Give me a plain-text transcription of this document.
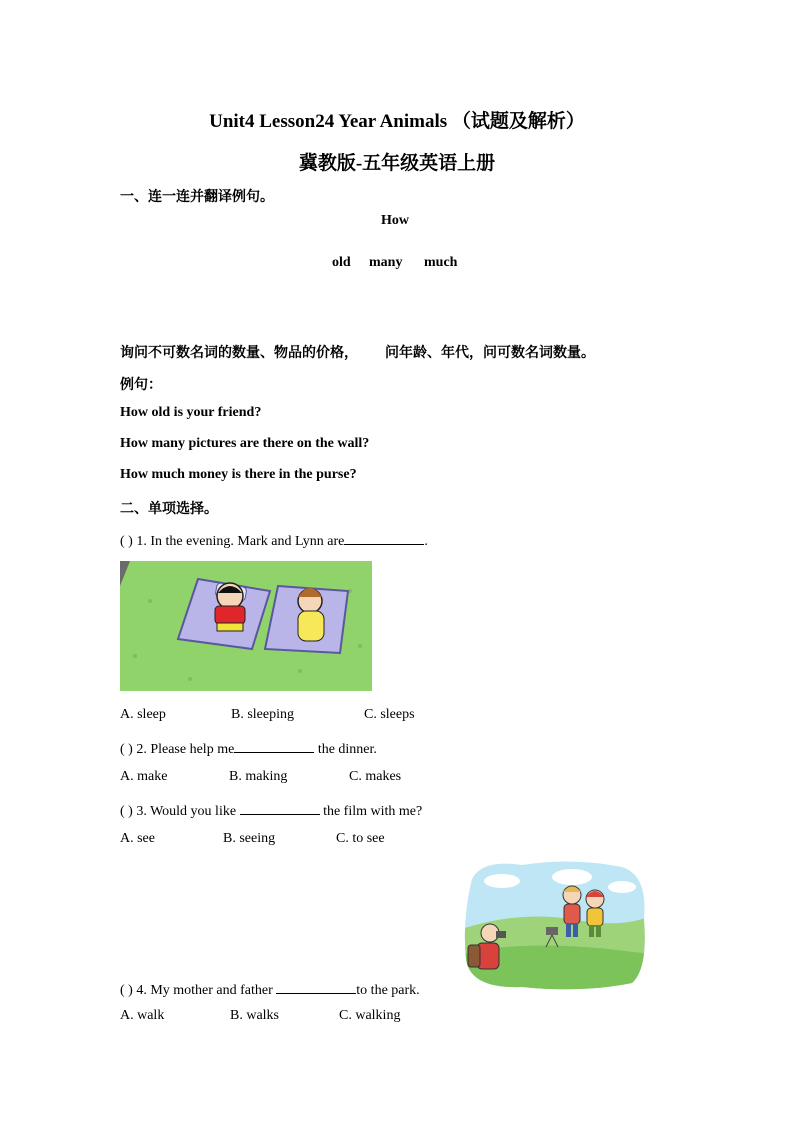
Unit4 Lesson24 Year Animals （试题及解析）
冀教版-五年级英语上册
一、连一连并翻译例句。
How
old many much
询问不可数名词的数量、物品的价格， 问年龄、年代，问可数名词数量。
例句：
How old is your friend?
How many pictures are there on the wall?
How much money is there in the purse?
二、单项选择。
( ) 1. In the evening. Mark and Lynn are	.
A. sleep	B. sleeping	C. sleeps
( ) 2. Please help me	the dinner.
A. make	B. making	C. makes
( ) 3. Would you like	the film with me?
A. see	B. seeing	C. to see
( ) 4. My mother and father	to the park.
A. walk	B. walks	C. walking
